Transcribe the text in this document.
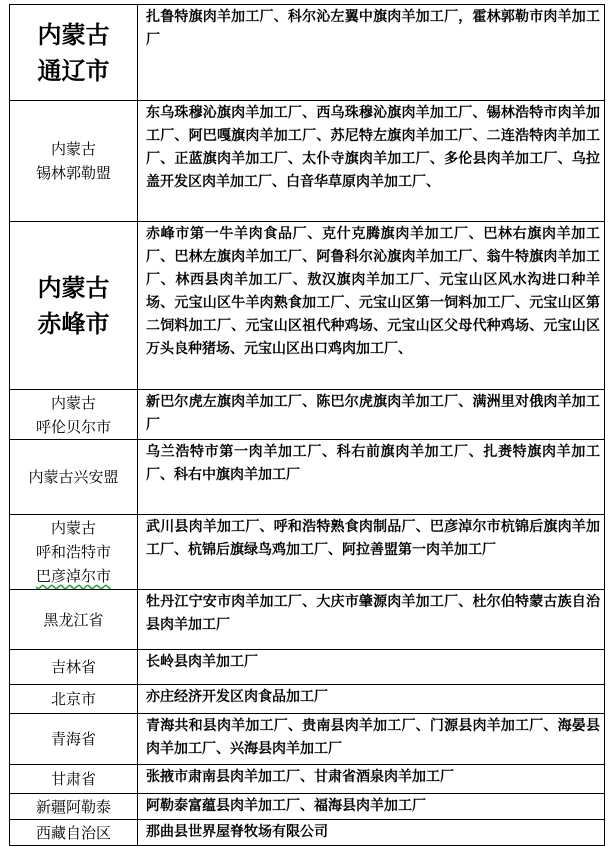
内蒙古
通辽市	扎鲁特旗肉羊加工厂、科尔沁左翼中旗肉羊加工厂，霍林郭勒市肉羊加工厂

内蒙古
锡林郭勒盟	东乌珠穆沁旗肉羊加工厂、西乌珠穆沁旗肉羊加工厂、锡林浩特市肉羊加工厂、阿巴嘎旗肉羊加工厂、苏尼特左旗肉羊加工厂、二连浩特肉羊加工厂、正蓝旗肉羊加工厂、太仆寺旗肉羊加工厂、多伦县肉羊加工厂、乌拉盖开发区肉羊加工厂、白音华草原肉羊加工厂、

内蒙古
赤峰市	赤峰市第一牛羊肉食品厂、克什克腾旗肉羊加工厂、巴林右旗肉羊加工厂、巴林左旗肉羊加工厂、阿鲁科尔沁旗肉羊加工厂、翁牛特旗肉羊加工厂、林西县肉羊加工厂、敖汉旗肉羊加工厂、元宝山区风水沟进口种羊场、元宝山区牛羊肉熟食加工厂、元宝山区第一饲料加工厂、元宝山区第二饲料加工厂、元宝山区祖代种鸡场、元宝山区父母代种鸡场、元宝山区万头良种猪场、元宝山区出口鸡肉加工厂、

内蒙古
呼伦贝尔市	新巴尔虎左旗肉羊加工厂、陈巴尔虎旗肉羊加工厂、满洲里对俄肉羊加工厂

内蒙古兴安盟	乌兰浩特市第一肉羊加工厂、科右前旗肉羊加工厂、扎赉特旗肉羊加工厂、科右中旗肉羊加工厂

内蒙古
呼和浩特市
巴彦淖尔市	武川县肉羊加工厂、呼和浩特熟食肉制品厂、巴彦淖尔市杭锦后旗肉羊加工厂、杭锦后旗绿鸟鸡加工厂、阿拉善盟第一肉羊加工厂

黑龙江省	牡丹江宁安市肉羊加工厂、大庆市肇源肉羊加工厂、杜尔伯特蒙古族自治县肉羊加工厂

吉林省	长岭县肉羊加工厂

北京市	亦庄经济开发区肉食品加工厂

青海省	青海共和县肉羊加工厂、贵南县肉羊加工厂、门源县肉羊加工厂、海晏县肉羊加工厂、兴海县肉羊加工厂

甘肃省	张掖市肃南县肉羊加工厂、甘肃省酒泉肉羊加工厂

新疆阿勒泰	阿勒泰富蕴县肉羊加工厂、福海县肉羊加工厂

西藏自治区	那曲县世界屋脊牧场有限公司
